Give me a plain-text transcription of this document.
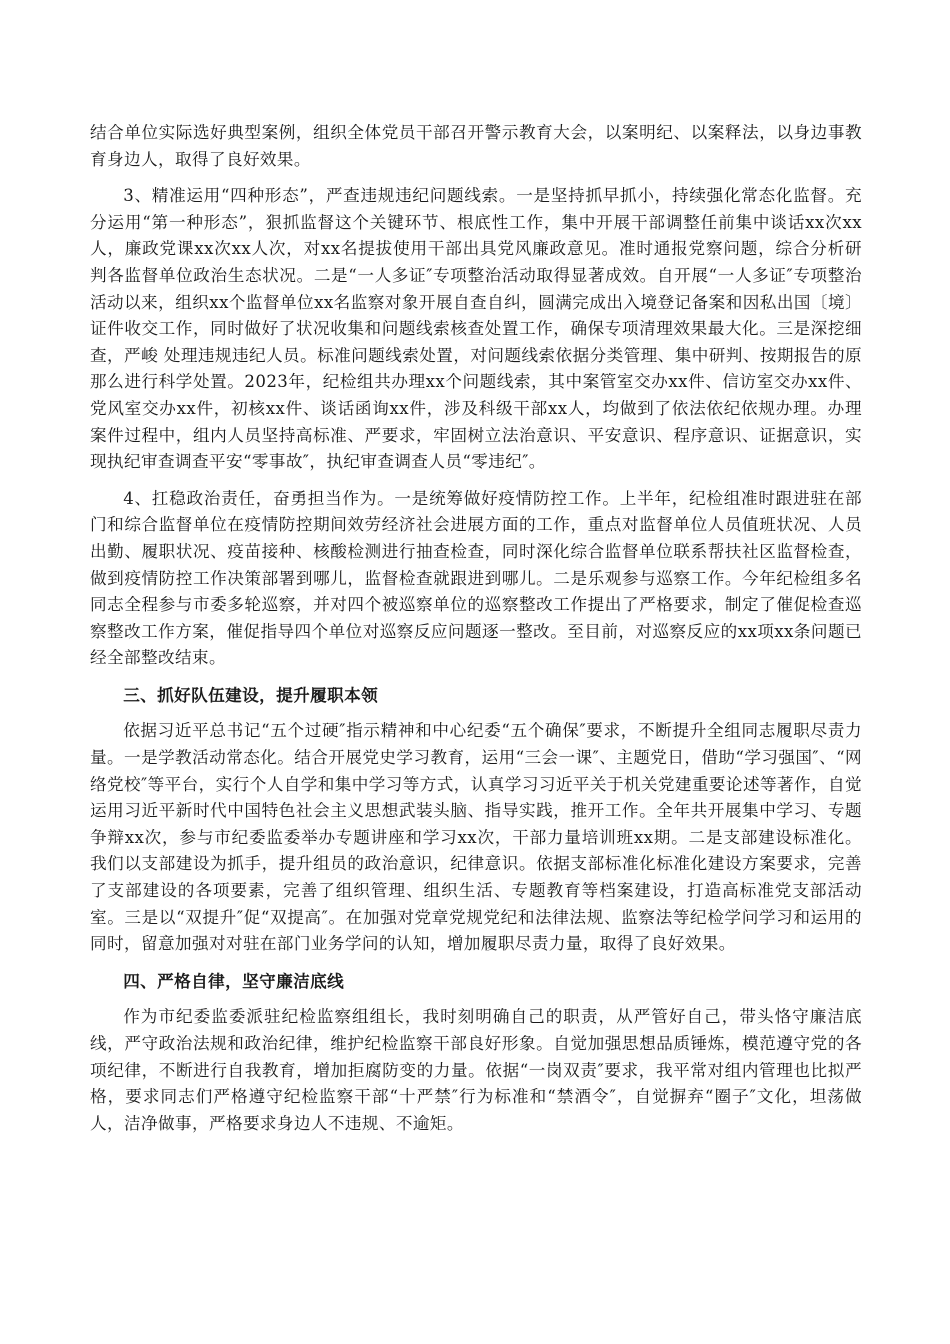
结合单位实际选好典型案例，组织全体党员干部召开警示教育大会，以案明纪、以案释法，以身边事教育身边人，取得了良好效果。

3、精准运用“四种形态”，严查违规违纪问题线索。一是坚持抓早抓小，持续强化常态化监督。充分运用“第一种形态”，狠抓监督这个关键环节、根底性工作，集中开展干部调整任前集中谈话xx次xx人，廉政党课xx次xx人次，对xx名提拔使用干部出具党风廉政意见。准时通报党察问题，综合分析研判各监督单位政治生态状况。二是“一人多证″专项整治活动取得显著成效。自开展“一人多证″专项整治活动以来，组织xx个监督单位xx名监察对象开展自查自纠，圆满完成出入境登记备案和因私出国〔境〕证件收交工作，同时做好了状况收集和问题线索核查处置工作，确保专项清理效果最大化。三是深挖细查，严峻 处理违规违纪人员。标准问题线索处置，对问题线索依据分类管理、集中研判、按期报告的原那么进行科学处置。2023年，纪检组共办理xx个问题线索，其中案管室交办xx件、信访室交办xx件、党风室交办xx件，初核xx件、谈话函询xx件，涉及科级干部xx人，均做到了依法依纪依规办理。办理案件过程中，组内人员坚持高标准、严要求，牢固树立法治意识、平安意识、程序意识、证据意识，实现执纪审查调查平安“零事故″，执纪审查调查人员“零违纪″。

4、扛稳政治责任，奋勇担当作为。一是统筹做好疫情防控工作。上半年，纪检组准时跟进驻在部门和综合监督单位在疫情防控期间效劳经济社会进展方面的工作，重点对监督单位人员值班状况、人员出勤、履职状况、疫苗接种、核酸检测进行抽查检查，同时深化综合监督单位联系帮扶社区监督检查，做到疫情防控工作决策部署到哪儿，监督检查就跟进到哪儿。二是乐观参与巡察工作。今年纪检组多名同志全程参与市委多轮巡察，并对四个被巡察单位的巡察整改工作提出了严格要求，制定了催促检查巡察整改工作方案，催促指导四个单位对巡察反应问题逐一整改。至目前，对巡察反应的xx项xx条问题已经全部整改结束。

三、抓好队伍建设，提升履职本领

依据习近平总书记“五个过硬″指示精神和中心纪委“五个确保″要求，不断提升全组同志履职尽责力量。一是学教活动常态化。结合开展党史学习教育，运用“三会一课″、主题党日，借助“学习强国″、“网络党校″等平台，实行个人自学和集中学习等方式，认真学习习近平关于机关党建重要论述等著作，自觉运用习近平新时代中国特色社会主义思想武装头脑、指导实践，推开工作。全年共开展集中学习、专题争辩xx次，参与市纪委监委举办专题讲座和学习xx次，干部力量培训班xx期。二是支部建设标准化。我们以支部建设为抓手，提升组员的政治意识，纪律意识。依据支部标准化标准化建设方案要求，完善了支部建设的各项要素，完善了组织管理、组织生活、专题教育等档案建设，打造高标准党支部活动室。三是以“双提升″促“双提高″。在加强对党章党规党纪和法律法规、监察法等纪检学问学习和运用的同时，留意加强对对驻在部门业务学问的认知，增加履职尽责力量，取得了良好效果。

四、严格自律，坚守廉洁底线

作为市纪委监委派驻纪检监察组组长，我时刻明确自己的职责，从严管好自己，带头恪守廉洁底线，严守政治法规和政治纪律，维护纪检监察干部良好形象。自觉加强思想品质锤炼，模范遵守党的各项纪律，不断进行自我教育，增加拒腐防变的力量。依据“一岗双责″要求，我平常对组内管理也比拟严格，要求同志们严格遵守纪检监察干部“十严禁″行为标准和“禁酒令″，自觉摒弃“圈子″文化，坦荡做人，洁净做事，严格要求身边人不违规、不逾矩。
